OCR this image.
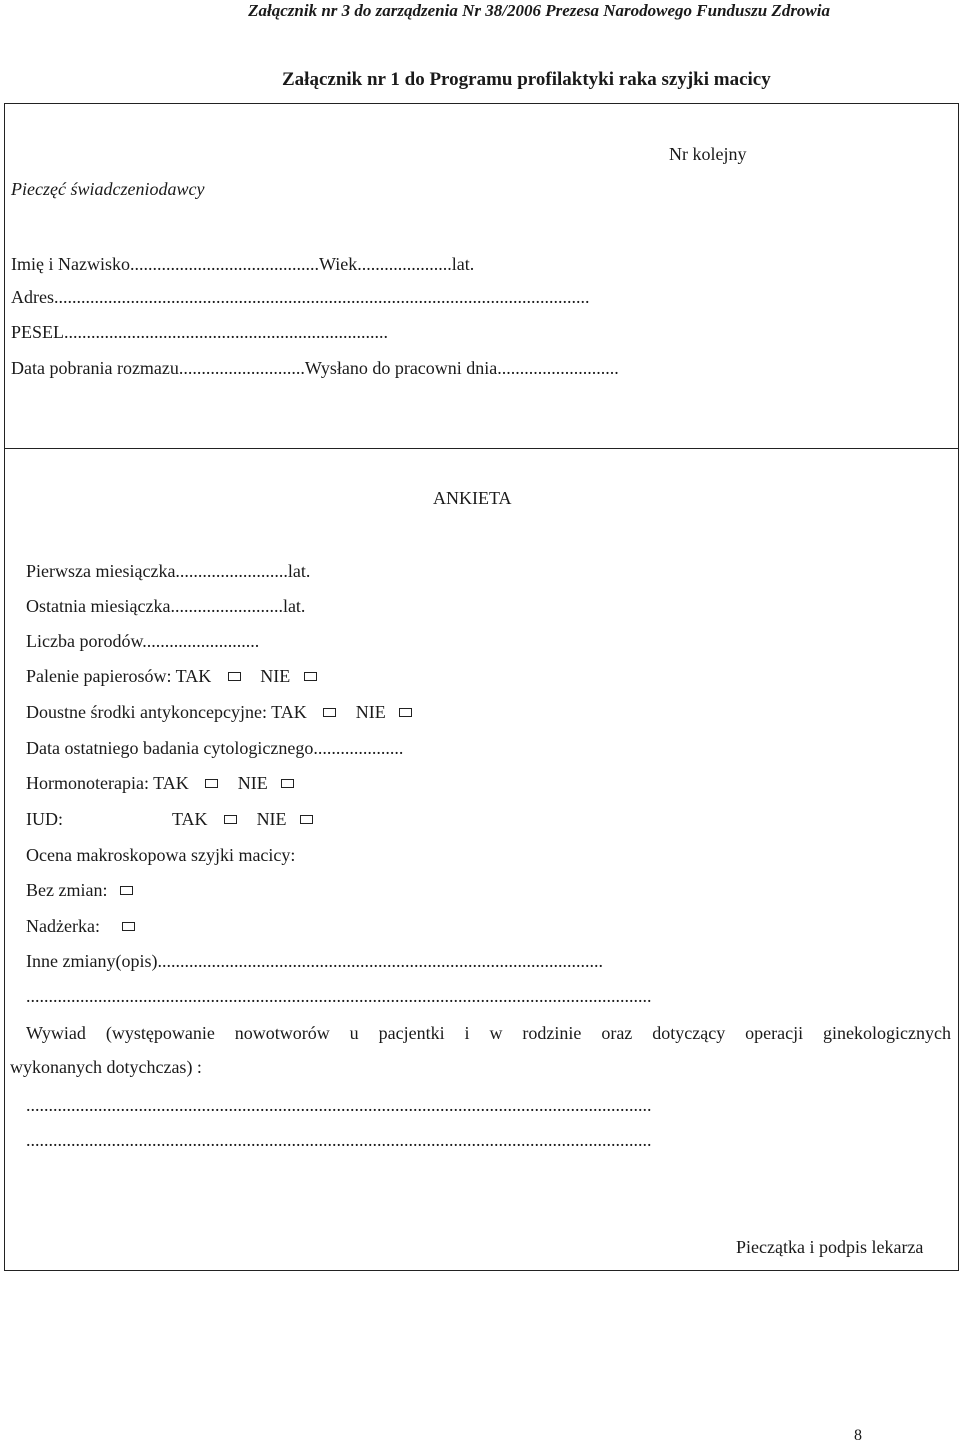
Załącznik nr 3 do zarządzenia Nr 38/2006 Prezesa Narodowego Funduszu Zdrowia
Załącznik nr 1 do Programu profilaktyki raka szyjki macicy
Nr kolejny
Pieczęć świadczeniodawcy
Imię i Nazwisko..........................................Wiek.....................lat.
Adres.......................................................................................................................
PESEL........................................................................
Data pobrania rozmazu............................Wysłano do pracowni dnia...........................
ANKIETA
Pierwsza miesiączka.........................lat.
Ostatnia miesiączka.........................lat.
Liczba porodów..........................
Palenie papierosów: TAK	NIE
Doustne środki antykoncepcyjne: TAK	NIE
Data ostatniego badania cytologicznego....................
Hormonoterapia: TAK	NIE
IUD:	TAK	NIE
Ocena makroskopowa szyjki macicy:
Bez zmian:
Nadżerka:
Inne zmiany(opis)...................................................................................................
...........................................................................................................................................
Wywiad (występowanie nowotworów u pacjentki i w rodzinie oraz dotyczący operacji ginekologicznych
wykonanych dotychczas) :
...........................................................................................................................................
...........................................................................................................................................
Pieczątka i podpis lekarza
8
